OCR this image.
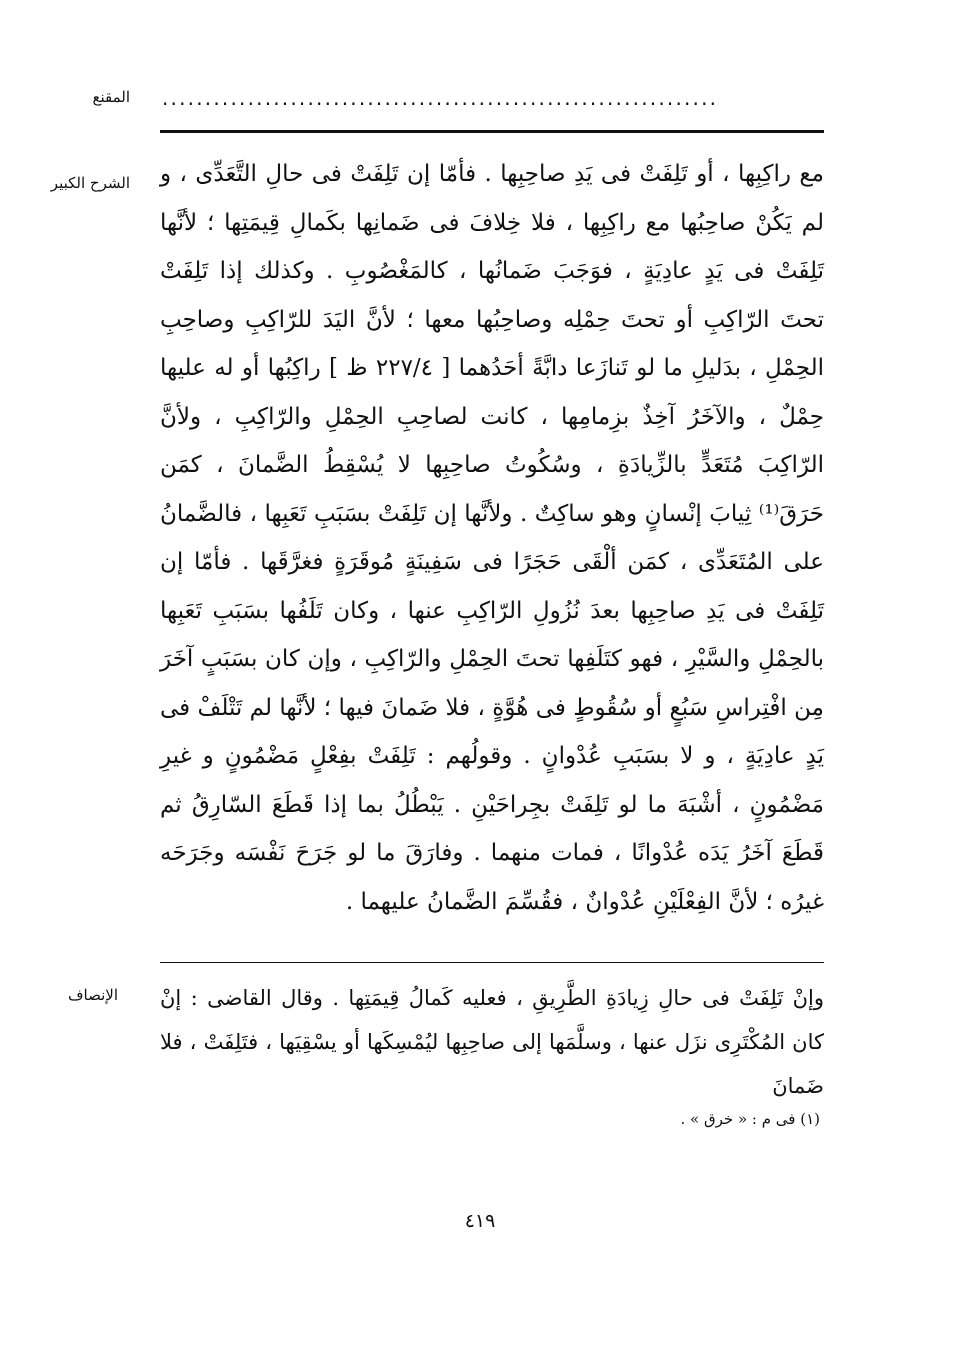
المقنع .................................................................
الشرح الكبير مع راكِبِها ، أو تَلِفَتْ فى يَدِ صاحِبِها . فأمّا إن تَلِفَتْ فى حالِ التَّعَدِّى ، و لم يَكُنْ صاحِبُها مع راكِبِها ، فلا خِلافَ فى ضَمانِها بكَمالِ قِيمَتِها ؛ لأنَّها تَلِفَتْ فى يَدٍ عادِيَةٍ ، فوَجَبَ ضَمانُها ، كالمَغْصُوبِ . وكذلك إذا تَلِفَتْ تحتَ الرّاكِبِ أو تحتَ حِمْلِه وصاحِبُها معها ؛ لأنَّ اليَدَ للرّاكِبِ وصاحِبِ الحِمْلِ ، بدَليلِ ما لو تَنازَعا دابَّةً أحَدُهما [ ٢٢٧/٤ ظ ] راكِبُها أو له عليها حِمْلٌ ، والآخَرُ آخِذٌ بزِمامِها ، كانت لصاحِبِ الحِمْلِ والرّاكِبِ ، ولأنَّ الرّاكِبَ مُتَعَدٍّ بالزِّيادَةِ ، وسُكُوتُ صاحِبِها لا يُسْقِطُ الضَّمانَ ، كمَن حَرَقَ⁽¹⁾ ثِيابَ إنْسانٍ وهو ساكِتٌ . ولأنَّها إن تَلِفَتْ بسَبَبِ تَعَبِها ، فالضَّمانُ على المُتَعَدِّى ، كمَن ألْقَى حَجَرًا فى سَفِينَةٍ مُوقَرَةٍ فغرَّقَها . فأمّا إن تَلِفَتْ فى يَدِ صاحِبِها بعدَ نُزُولِ الرّاكِبِ عنها ، وكان تَلَفُها بسَبَبِ تَعَبِها بالحِمْلِ والسَّيْرِ ، فهو كتَلَفِها تحتَ الحِمْلِ والرّاكِبِ ، وإن كان بسَبَبٍ آخَرَ مِن افْتِراسِ سَبُعٍ أو سُقُوطٍ فى هُوَّةٍ ، فلا ضَمانَ فيها ؛ لأنَّها لم تَتْلَفْ فى يَدٍ عادِيَةٍ ، و لا بسَبَبِ عُدْوانٍ . وقولُهم : تَلِفَتْ بفِعْلٍ مَضْمُونٍ و غيرِ مَضْمُونٍ ، أشْبَهَ ما لو تَلِفَتْ بجِراحَيْنِ . يَبْطُلُ بما إذا قَطَعَ السّارِقُ ثم قَطَعَ آخَرُ يَدَه عُدْوانًا ، فمات منهما . وفارَقَ ما لو جَرَحَ نَفْسَه وجَرَحَه غيرُه ؛ لأنَّ الفِعْلَيْنِ عُدْوانٌ ، فقُسِّمَ الضَّمانُ عليهما .

الإنصاف وإنْ تَلِفَتْ فى حالِ زِيادَةِ الطَّرِيقِ ، فعليه كَمالُ قِيمَتِها . وقال القاضى : إنْ كان المُكْتَرِى نزَل عنها ، وسلَّمَها إلى صاحِبِها ليُمْسِكَها أو يسْقِيَها ، فتَلِفَتْ ، فلا ضَمانَ

(١) فى م : « خرق » .
٤١٩
